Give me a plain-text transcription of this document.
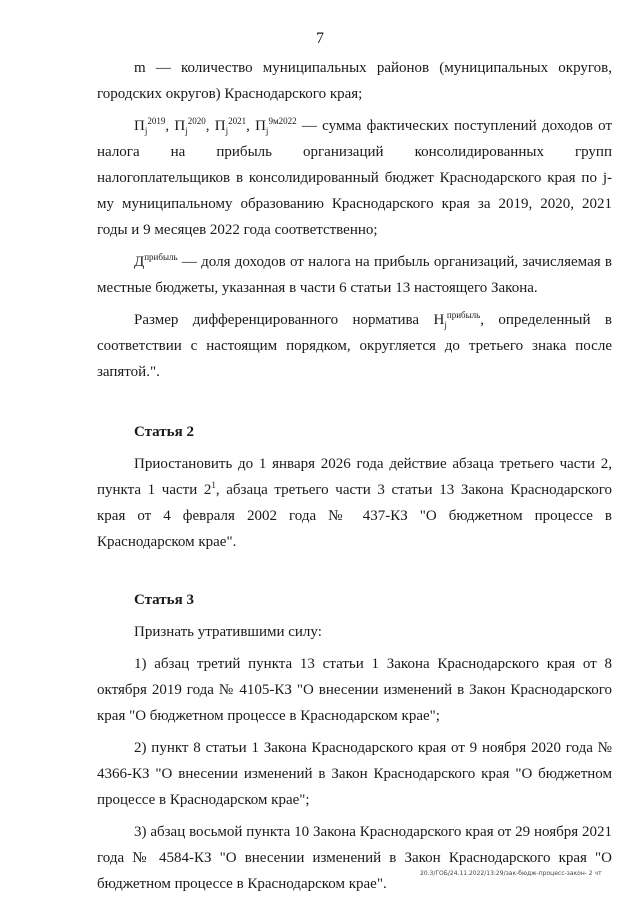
7

m — количество муниципальных районов (муниципальных округов, городских округов) Краснодарского края;

$П_j^{2019}$, $П_j^{2020}$, $П_j^{2021}$, $П_j^{9м2022}$ — сумма фактических поступлений доходов от налога на прибыль организаций консолидированных групп налогоплательщиков в консолидированный бюджет Краснодарского края по j-му муниципальному образованию Краснодарского края за 2019, 2020, 2021 годы и 9 месяцев 2022 года соответственно;

$Д^{прибыль}$ — доля доходов от налога на прибыль организаций, зачисляемая в местные бюджеты, указанная в части 6 статьи 13 настоящего Закона.

Размер дифференцированного норматива $Н_j^{прибыль}$, определенный в соответствии с настоящим порядком, округляется до третьего знака после запятой.".

Статья 2

Приостановить до 1 января 2026 года действие абзаца третьего части 2, пункта 1 части $2^1$, абзаца третьего части 3 статьи 13 Закона Краснодарского края от 4 февраля 2002 года № 437-КЗ "О бюджетном процессе в Краснодарском крае".

Статья 3

Признать утратившими силу:

1) абзац третий пункта 13 статьи 1 Закона Краснодарского края от 8 октября 2019 года № 4105-КЗ "О внесении изменений в Закон Краснодарского края "О бюджетном процессе в Краснодарском крае";

2) пункт 8 статьи 1 Закона Краснодарского края от 9 ноября 2020 года № 4366-КЗ "О внесении изменений в Закон Краснодарского края "О бюджетном процессе в Краснодарском крае";

3) абзац восьмой пункта 10 Закона Краснодарского края от 29 ноября 2021 года № 4584-КЗ "О внесении изменений в Закон Краснодарского края "О бюджетном процессе в Краснодарском крае".

20.3/ГОБ/24.11.2022/13:29/зак-бюдж-процесс-закон- 2 чт
